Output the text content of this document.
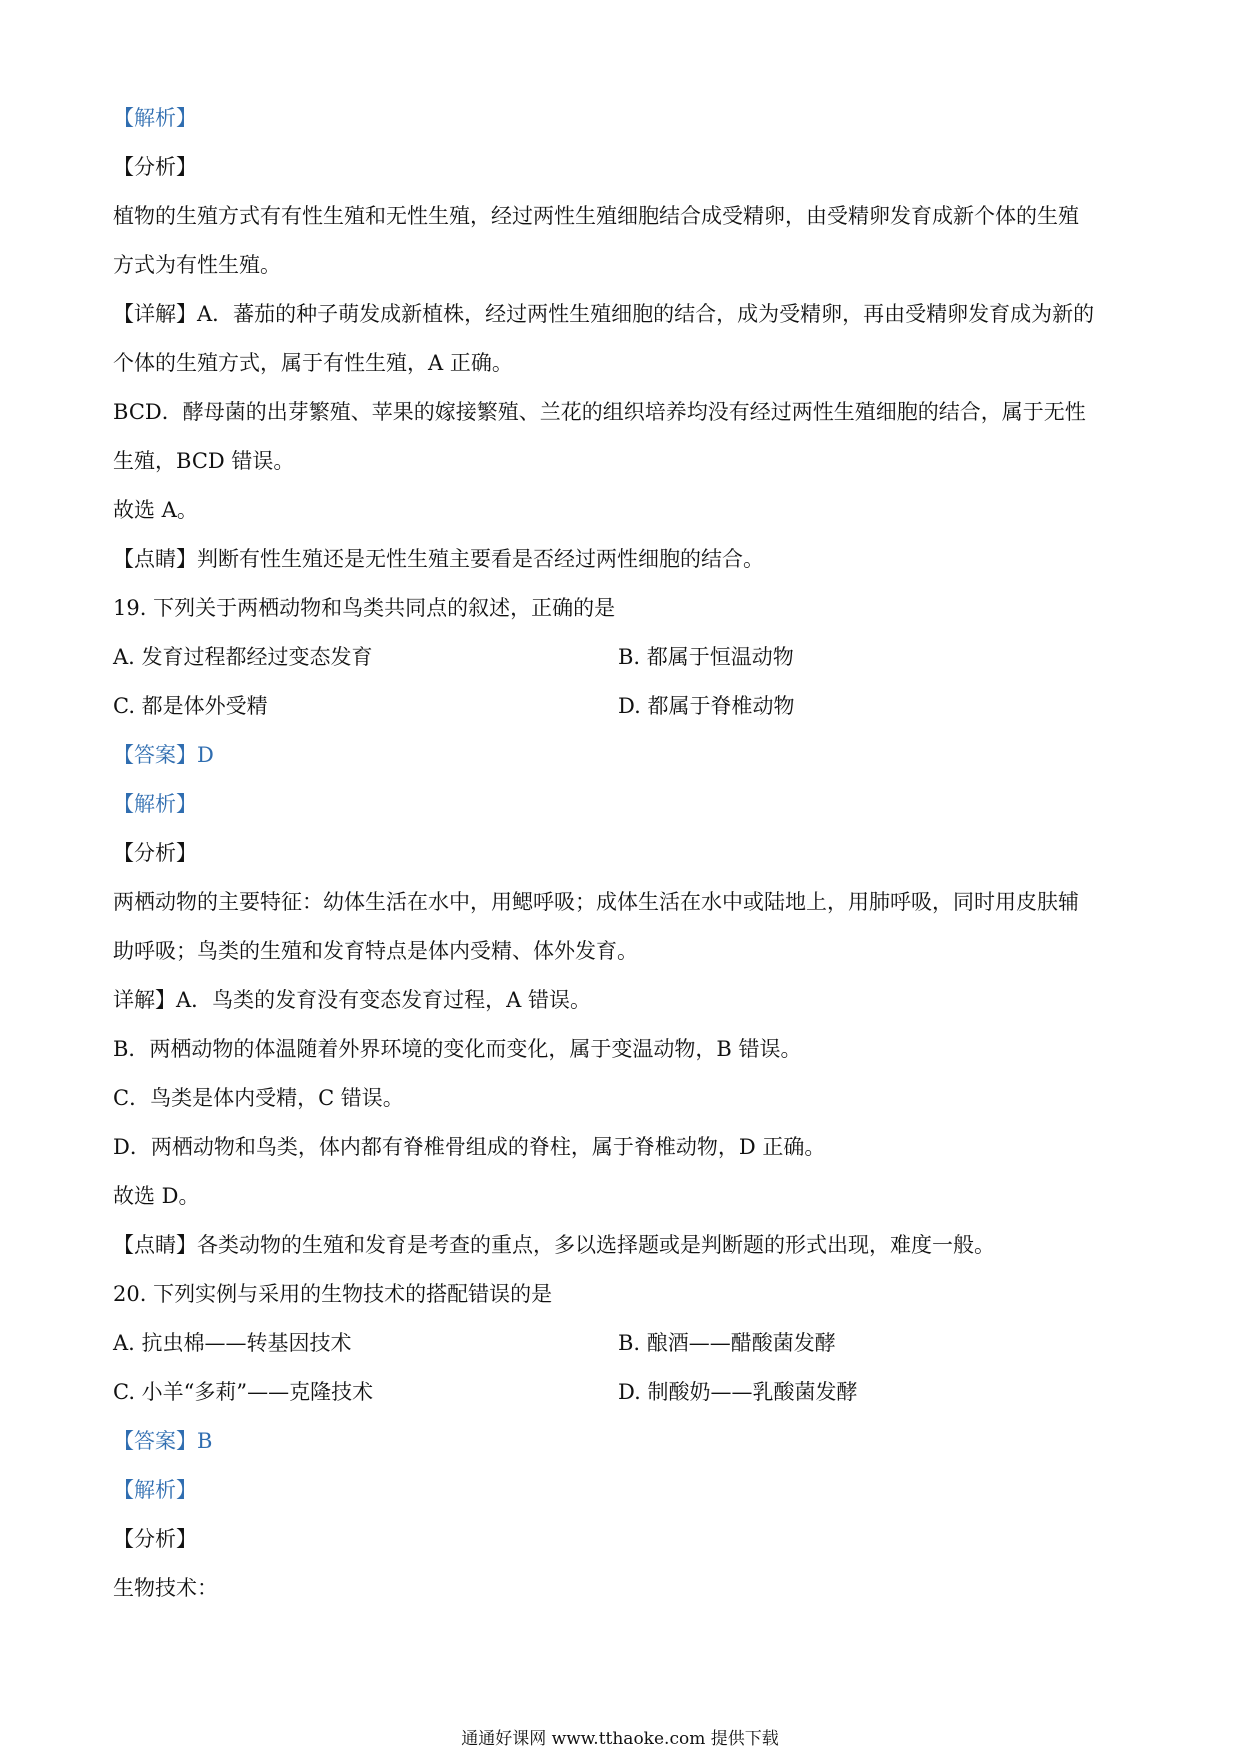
【解析】
【分析】
植物的生殖方式有有性生殖和无性生殖，经过两性生殖细胞结合成受精卵，由受精卵发育成新个体的生殖
方式为有性生殖。
【详解】A．蕃茄的种子萌发成新植株，经过两性生殖细胞的结合，成为受精卵，再由受精卵发育成为新的
个体的生殖方式，属于有性生殖，A 正确。
BCD．酵母菌的出芽繁殖、苹果的嫁接繁殖、兰花的组织培养均没有经过两性生殖细胞的结合，属于无性
生殖，BCD 错误。
故选 A。
【点睛】判断有性生殖还是无性生殖主要看是否经过两性细胞的结合。
19. 下列关于两栖动物和鸟类共同点的叙述，正确的是
A. 发育过程都经过变态发育	B. 都属于恒温动物
C. 都是体外受精	D. 都属于脊椎动物
【答案】D
【解析】
【分析】
两栖动物的主要特征：幼体生活在水中，用鳃呼吸；成体生活在水中或陆地上，用肺呼吸，同时用皮肤辅
助呼吸；鸟类的生殖和发育特点是体内受精、体外发育。
详解】A．鸟类的发育没有变态发育过程，A 错误。
B．两栖动物的体温随着外界环境的变化而变化，属于变温动物，B 错误。
C．鸟类是体内受精，C 错误。
D．两栖动物和鸟类，体内都有脊椎骨组成的脊柱，属于脊椎动物，D 正确。
故选 D。
【点睛】各类动物的生殖和发育是考查的重点，多以选择题或是判断题的形式出现，难度一般。
20. 下列实例与采用的生物技术的搭配错误的是
A. 抗虫棉——转基因技术	B. 酿酒——醋酸菌发酵
C. 小羊“多莉”——克隆技术	D. 制酸奶——乳酸菌发酵
【答案】B
【解析】
【分析】
生物技术：
通通好课网 www.tthaoke.com 提供下载
